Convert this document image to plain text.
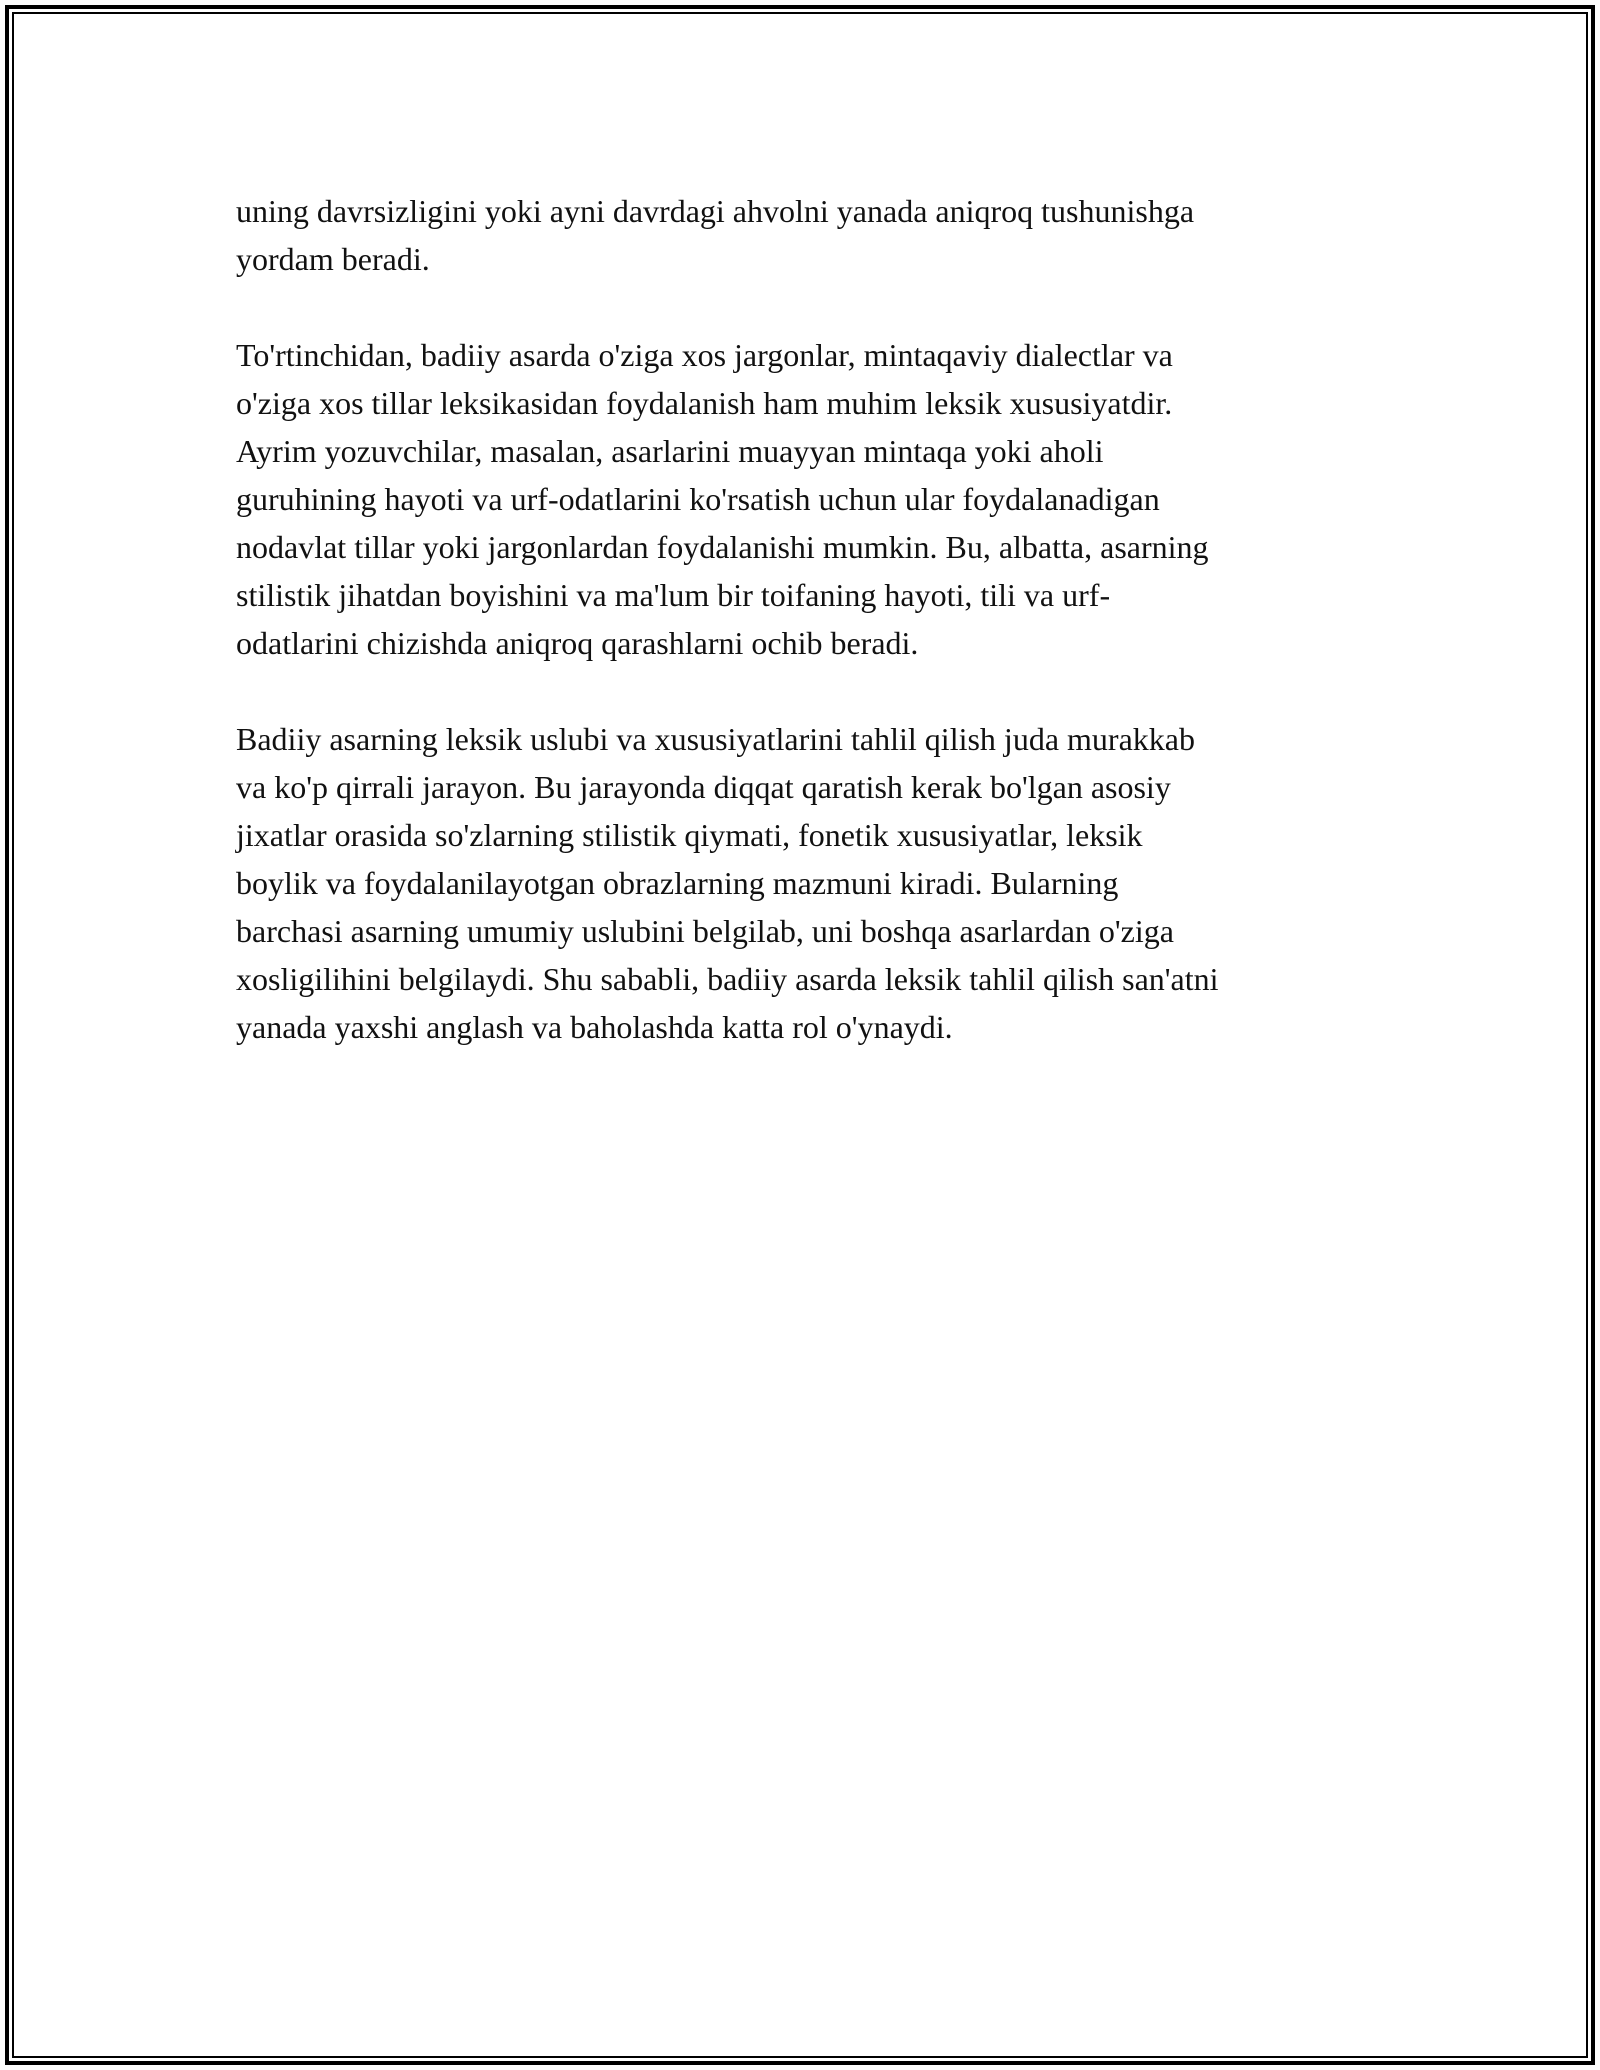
uning davrsizligini yoki ayni davrdagi ahvolni yanada aniqroq tushunishga
yordam beradi.

To'rtinchidan, badiiy asarda o'ziga xos jargonlar, mintaqaviy dialectlar va
o'ziga xos tillar leksikasidan foydalanish ham muhim leksik xususiyatdir.
Ayrim yozuvchilar, masalan, asarlarini muayyan mintaqa yoki aholi
guruhining hayoti va urf-odatlarini ko'rsatish uchun ular foydalanadigan
nodavlat tillar yoki jargonlardan foydalanishi mumkin. Bu, albatta, asarning
stilistik jihatdan boyishini va ma'lum bir toifaning hayoti, tili va urf-
odatlarini chizishda aniqroq qarashlarni ochib beradi.

Badiiy asarning leksik uslubi va xususiyatlarini tahlil qilish juda murakkab
va ko'p qirrali jarayon. Bu jarayonda diqqat qaratish kerak bo'lgan asosiy
jixatlar orasida so'zlarning stilistik qiymati, fonetik xususiyatlar, leksik
boylik va foydalanilayotgan obrazlarning mazmuni kiradi. Bularning
barchasi asarning umumiy uslubini belgilab, uni boshqa asarlardan o'ziga
xosligilihini belgilaydi. Shu sababli, badiiy asarda leksik tahlil qilish san'atni
yanada yaxshi anglash va baholashda katta rol o'ynaydi.
